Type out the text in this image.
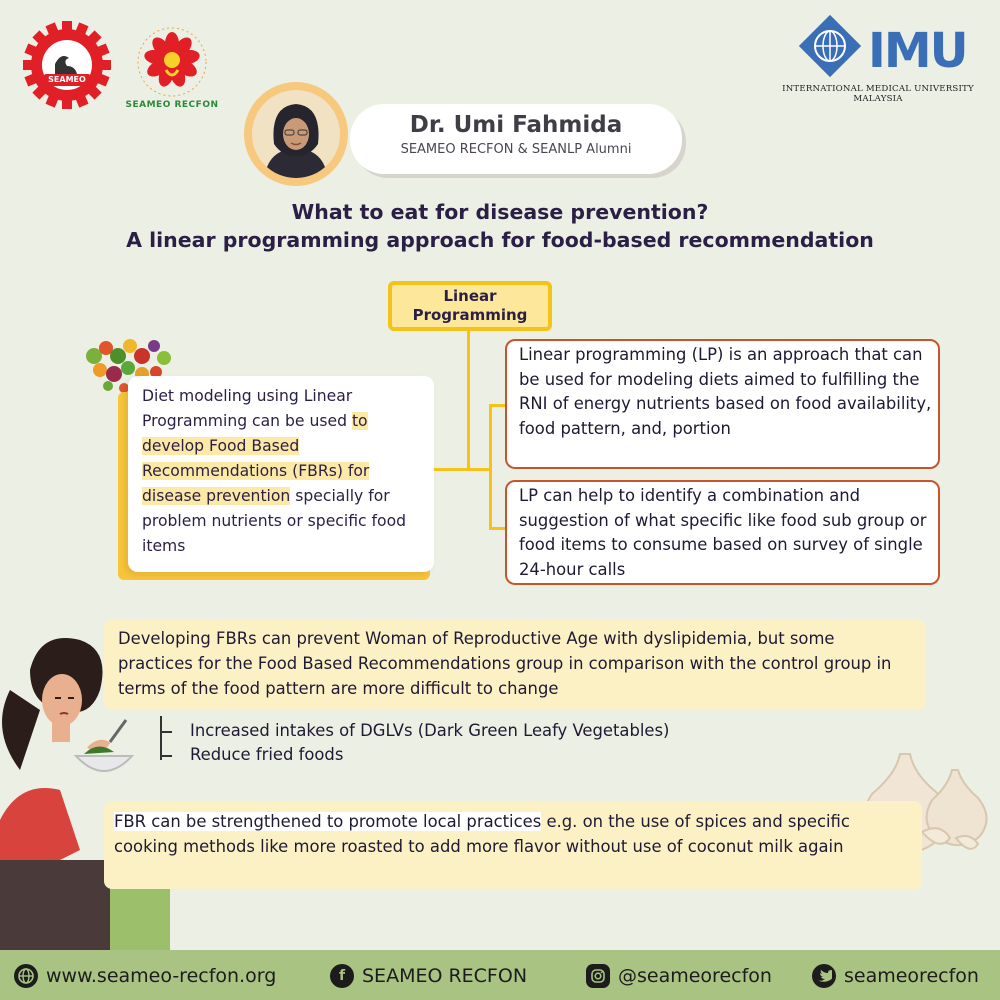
SEAMEO
SEAMEO RECFON
IMU
INTERNATIONAL MEDICAL UNIVERSITY
MALAYSIA
Dr. Umi Fahmida
SEAMEO RECFON & SEANLP Alumni
What to eat for disease prevention?
A linear programming approach for food-based recommendation
Linear
Programming
Diet modeling using Linear Programming can be used to develop Food Based Recommendations (FBRs) for disease prevention specially for problem nutrients or specific food items
Linear programming (LP) is an approach that can be used for modeling diets aimed to fulfilling the RNI of energy nutrients based on food availability, food pattern, and, portion
LP can help to identify a combination and suggestion of what specific like food sub group or food items to consume based on survey of single 24-hour calls
Developing FBRs can prevent Woman of Reproductive Age with dyslipidemia, but some practices for the Food Based Recommendations group in comparison with the control group in terms of the food pattern are more difficult to change
Increased intakes of DGLVs (Dark Green Leafy Vegetables)
Reduce fried foods
FBR can be strengthened to promote local practices e.g. on the use of spices and specific cooking methods like more roasted to add more flavor without use of coconut milk again
www.seameo-recfon.org	f SEAMEO RECFON	@seameorecfon	seameorecfon
